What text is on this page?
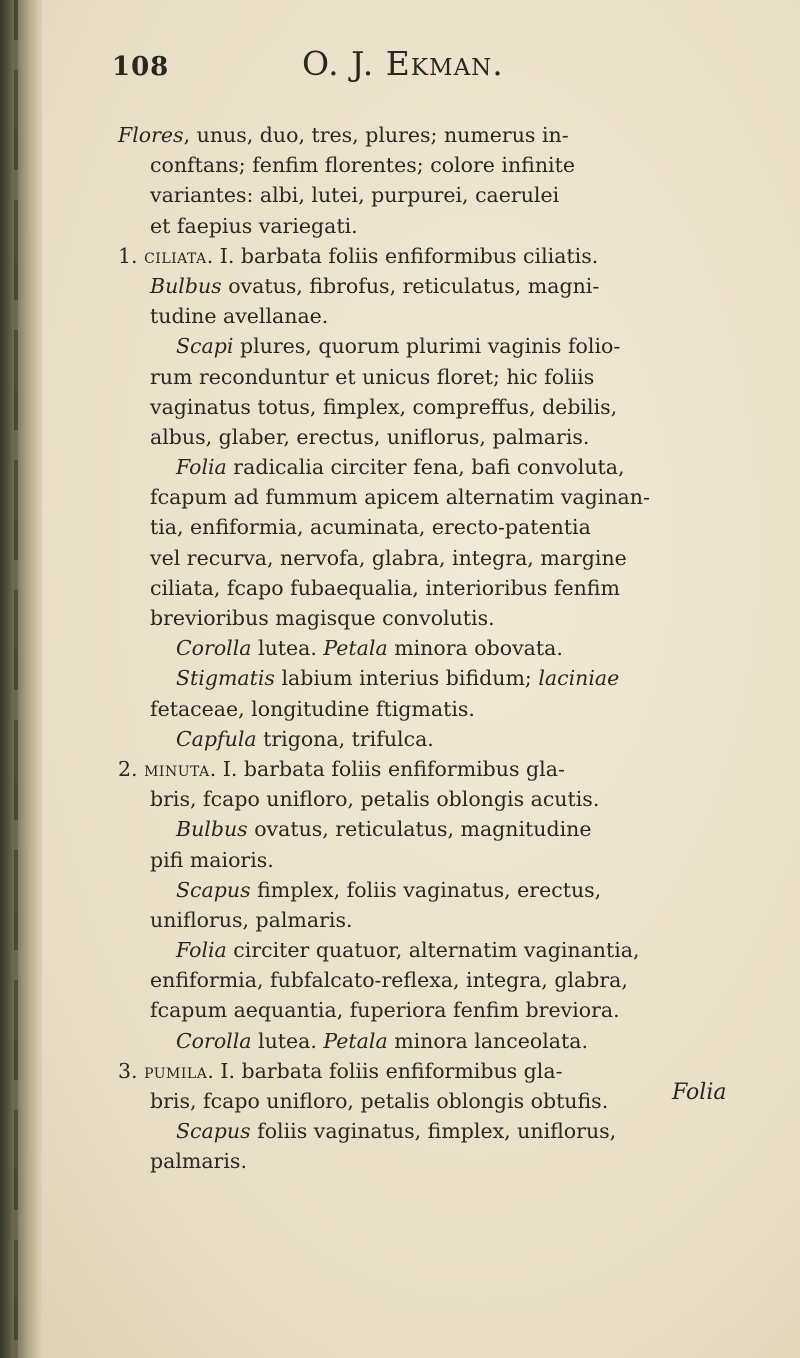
108	O. J. Ekman.
Flores, unus, duo, tres, plures; numerus in-
conftans; fenfim florentes; colore infinite
variantes: albi, lutei, purpurei, caerulei
et faepius variegati.
1. ciliata. I. barbata foliis enfiformibus ciliatis.
Bulbus ovatus, fibrofus, reticulatus, magni-
tudine avellanae.
Scapi plures, quorum plurimi vaginis folio-
rum reconduntur et unicus floret; hic foliis
vaginatus totus, fimplex, compreffus, debilis,
albus, glaber, erectus, uniflorus, palmaris.
Folia radicalia circiter fena, bafi convoluta,
fcapum ad fummum apicem alternatim vaginan-
tia, enfiformia, acuminata, erecto-patentia
vel recurva, nervofa, glabra, integra, margine
ciliata, fcapo fubaequalia, interioribus fenfim
brevioribus magisque convolutis.
Corolla lutea. Petala minora obovata.
Stigmatis labium interius bifidum; laciniae
fetaceae, longitudine ftigmatis.
Capfula trigona, trifulca.
2. minuta. I. barbata foliis enfiformibus gla-
bris, fcapo unifloro, petalis oblongis acutis.
Bulbus ovatus, reticulatus, magnitudine
pifi maioris.
Scapus fimplex, foliis vaginatus, erectus,
uniflorus, palmaris.
Folia circiter quatuor, alternatim vaginantia,
enfiformia, fubfalcato-reflexa, integra, glabra,
fcapum aequantia, fuperiora fenfim breviora.
Corolla lutea. Petala minora lanceolata.
3. pumila. I. barbata foliis enfiformibus gla-
bris, fcapo unifloro, petalis oblongis obtufis.
Scapus foliis vaginatus, fimplex, uniflorus,
palmaris.
Folia
